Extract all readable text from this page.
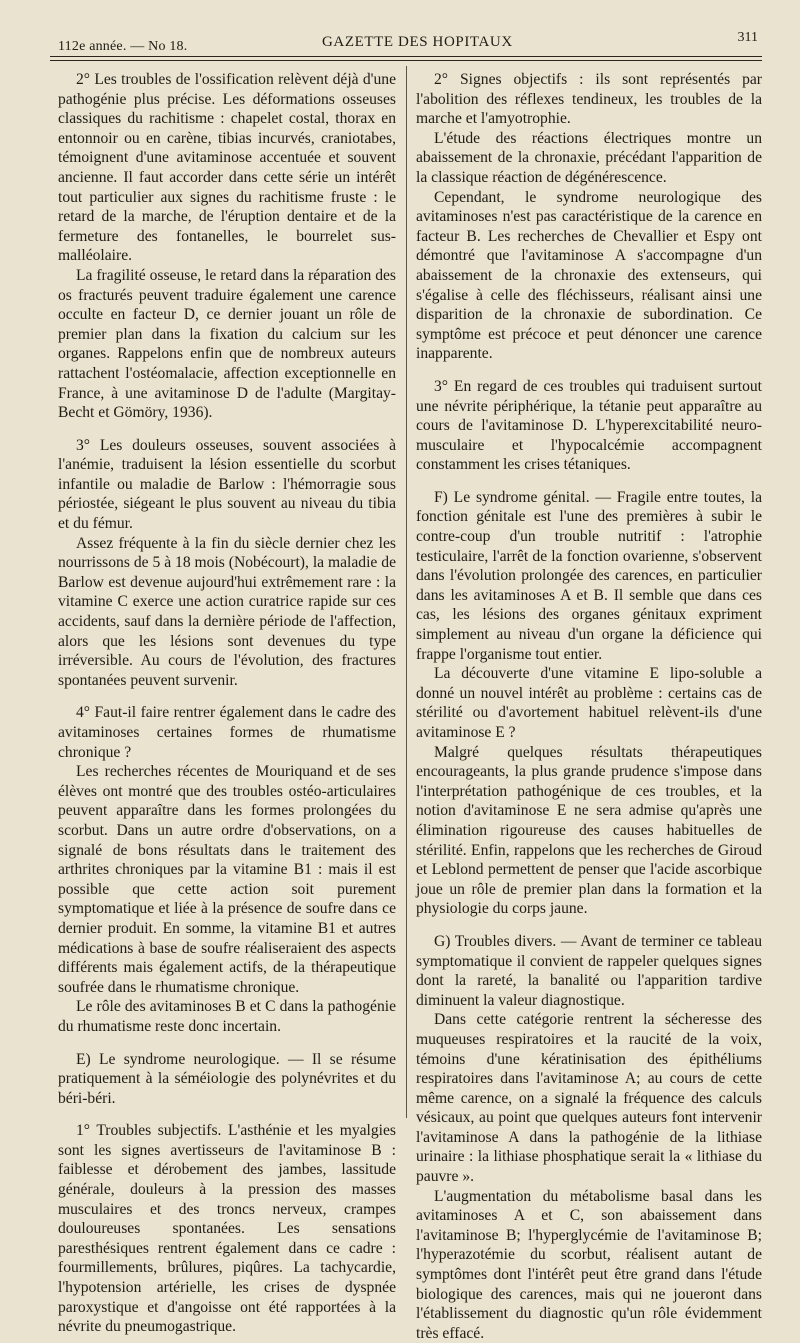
112e année. — No 18.	GAZETTE DES HOPITAUX	311

2° Les troubles de l'ossification relèvent déjà d'une pathogénie plus précise. Les déformations osseuses classiques du rachitisme : chapelet costal, thorax en entonnoir ou en carène, tibias incurvés, craniotabes, témoignent d'une avitaminose accentuée et souvent ancienne. Il faut accorder dans cette série un intérêt tout particulier aux signes du rachitisme fruste : le retard de la marche, de l'éruption dentaire et de la fermeture des fontanelles, le bourrelet sus-malléolaire.

La fragilité osseuse, le retard dans la réparation des os fracturés peuvent traduire également une carence occulte en facteur D, ce dernier jouant un rôle de premier plan dans la fixation du calcium sur les organes. Rappelons enfin que de nombreux auteurs rattachent l'ostéomalacie, affection exceptionnelle en France, à une avitaminose D de l'adulte (Margitay-Becht et Gömöry, 1936).

3° Les douleurs osseuses, souvent associées à l'anémie, traduisent la lésion essentielle du scorbut infantile ou maladie de Barlow : l'hémorragie sous périostée, siégeant le plus souvent au niveau du tibia et du fémur.

Assez fréquente à la fin du siècle dernier chez les nourrissons de 5 à 18 mois (Nobécourt), la maladie de Barlow est devenue aujourd'hui extrêmement rare : la vitamine C exerce une action curatrice rapide sur ces accidents, sauf dans la dernière période de l'affection, alors que les lésions sont devenues du type irréversible. Au cours de l'évolution, des fractures spontanées peuvent survenir.

4° Faut-il faire rentrer également dans le cadre des avitaminoses certaines formes de rhumatisme chronique ?

Les recherches récentes de Mouriquand et de ses élèves ont montré que des troubles ostéo-articulaires peuvent apparaître dans les formes prolongées du scorbut. Dans un autre ordre d'observations, on a signalé de bons résultats dans le traitement des arthrites chroniques par la vitamine B1 : mais il est possible que cette action soit purement symptomatique et liée à la présence de soufre dans ce dernier produit. En somme, la vitamine B1 et autres médications à base de soufre réaliseraient des aspects différents mais également actifs, de la thérapeutique soufrée dans le rhumatisme chronique.

Le rôle des avitaminoses B et C dans la pathogénie du rhumatisme reste donc incertain.

E) Le syndrome neurologique. — Il se résume pratiquement à la séméiologie des polynévrites et du béri-béri.

1° Troubles subjectifs. L'asthénie et les myalgies sont les signes avertisseurs de l'avitaminose B : faiblesse et dérobement des jambes, lassitude générale, douleurs à la pression des masses musculaires et des troncs nerveux, crampes douloureuses spontanées. Les sensations paresthésiques rentrent également dans ce cadre : fourmillements, brûlures, piqûres. La tachycardie, l'hypotension artérielle, les crises de dyspnée paroxystique et d'angoisse ont été rapportées à la névrite du pneumogastrique.

2° Signes objectifs : ils sont représentés par l'abolition des réflexes tendineux, les troubles de la marche et l'amyotrophie.

L'étude des réactions électriques montre un abaissement de la chronaxie, précédant l'apparition de la classique réaction de dégénérescence.

Cependant, le syndrome neurologique des avitaminoses n'est pas caractéristique de la carence en facteur B. Les recherches de Chevallier et Espy ont démontré que l'avitaminose A s'accompagne d'un abaissement de la chronaxie des extenseurs, qui s'égalise à celle des fléchisseurs, réalisant ainsi une disparition de la chronaxie de subordination. Ce symptôme est précoce et peut dénoncer une carence inapparente.

3° En regard de ces troubles qui traduisent surtout une névrite périphérique, la tétanie peut apparaître au cours de l'avitaminose D. L'hyperexcitabilité neuro-musculaire et l'hypocalcémie accompagnent constamment les crises tétaniques.

F) Le syndrome génital. — Fragile entre toutes, la fonction génitale est l'une des premières à subir le contre-coup d'un trouble nutritif : l'atrophie testiculaire, l'arrêt de la fonction ovarienne, s'observent dans l'évolution prolongée des carences, en particulier dans les avitaminoses A et B. Il semble que dans ces cas, les lésions des organes génitaux expriment simplement au niveau d'un organe la déficience qui frappe l'organisme tout entier.

La découverte d'une vitamine E lipo-soluble a donné un nouvel intérêt au problème : certains cas de stérilité ou d'avortement habituel relèvent-ils d'une avitaminose E ?

Malgré quelques résultats thérapeutiques encourageants, la plus grande prudence s'impose dans l'interprétation pathogénique de ces troubles, et la notion d'avitaminose E ne sera admise qu'après une élimination rigoureuse des causes habituelles de stérilité. Enfin, rappelons que les recherches de Giroud et Leblond permettent de penser que l'acide ascorbique joue un rôle de premier plan dans la formation et la physiologie du corps jaune.

G) Troubles divers. — Avant de terminer ce tableau symptomatique il convient de rappeler quelques signes dont la rareté, la banalité ou l'apparition tardive diminuent la valeur diagnostique.

Dans cette catégorie rentrent la sécheresse des muqueuses respiratoires et la raucité de la voix, témoins d'une kératinisation des épithéliums respiratoires dans l'avitaminose A; au cours de cette même carence, on a signalé la fréquence des calculs vésicaux, au point que quelques auteurs font intervenir l'avitaminose A dans la pathogénie de la lithiase urinaire : la lithiase phosphatique serait la « lithiase du pauvre ».

L'augmentation du métabolisme basal dans les avitaminoses A et C, son abaissement dans l'avitaminose B; l'hyperglycémie de l'avitaminose B; l'hyperazotémie du scorbut, réalisent autant de symptômes dont l'intérêt peut être grand dans l'étude biologique des carences, mais qui ne joueront dans l'établissement du diagnostic qu'un rôle évidemment très effacé.
